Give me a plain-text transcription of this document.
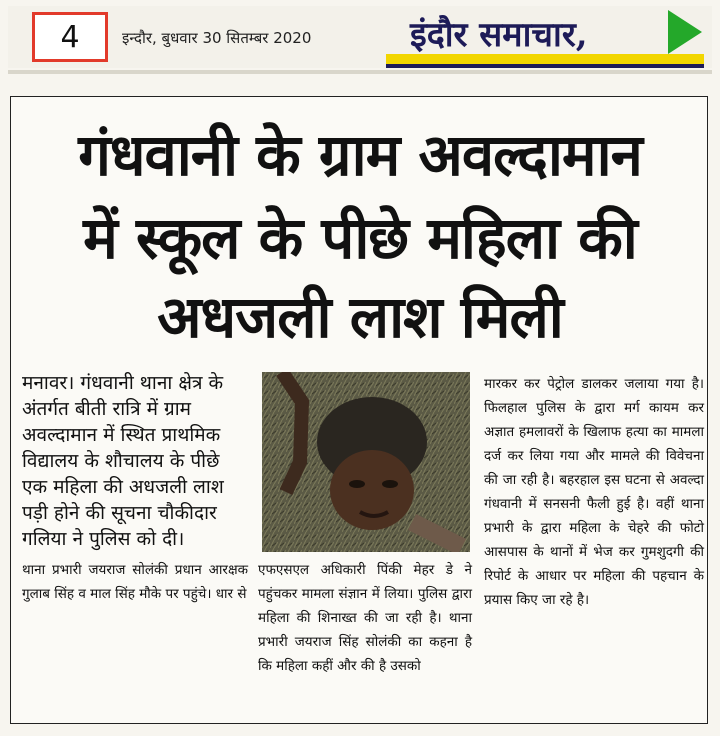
4	इन्दौर, बुधवार 30 सितम्बर 2020	इंदौर समाचार,
गंधवानी के ग्राम अवल्दामान
में स्कूल के पीछे महिला की
अधजली लाश मिली

मनावर। गंधवानी थाना क्षेत्र के अंतर्गत बीती रात्रि में ग्राम अवल्दामान में स्थित प्राथमिक विद्यालय के शौचालय के पीछे एक महिला की अधजली लाश पड़ी होने की सूचना चौकीदार गलिया ने पुलिस को दी।

थाना प्रभारी जयराज सोलंकी प्रधान आरक्षक गुलाब सिंह व माल सिंह मौके पर पहुंचे। धार से

एफएसएल अधिकारी पिंकी मेहर डे ने पहुंचकर मामला संज्ञान में लिया। पुलिस द्वारा महिला की शिनाख्त की जा रही है। थाना प्रभारी जयराज सिंह सोलंकी का कहना है कि महिला कहीं और की है उसको

मारकर कर पेट्रोल डालकर जलाया गया है। फिलहाल पुलिस के द्वारा मर्ग कायम कर अज्ञात हमलावरों के खिलाफ हत्या का मामला दर्ज कर लिया गया और मामले की विवेचना की जा रही है। बहरहाल इस घटना से अवल्दा गंधवानी में सनसनी फैली हुई है। वहीं थाना प्रभारी के द्वारा महिला के चेहरे की फोटो आसपास के थानों में भेज कर गुमशुदगी की रिपोर्ट के आधार पर महिला की पहचान के प्रयास किए जा रहे है।
